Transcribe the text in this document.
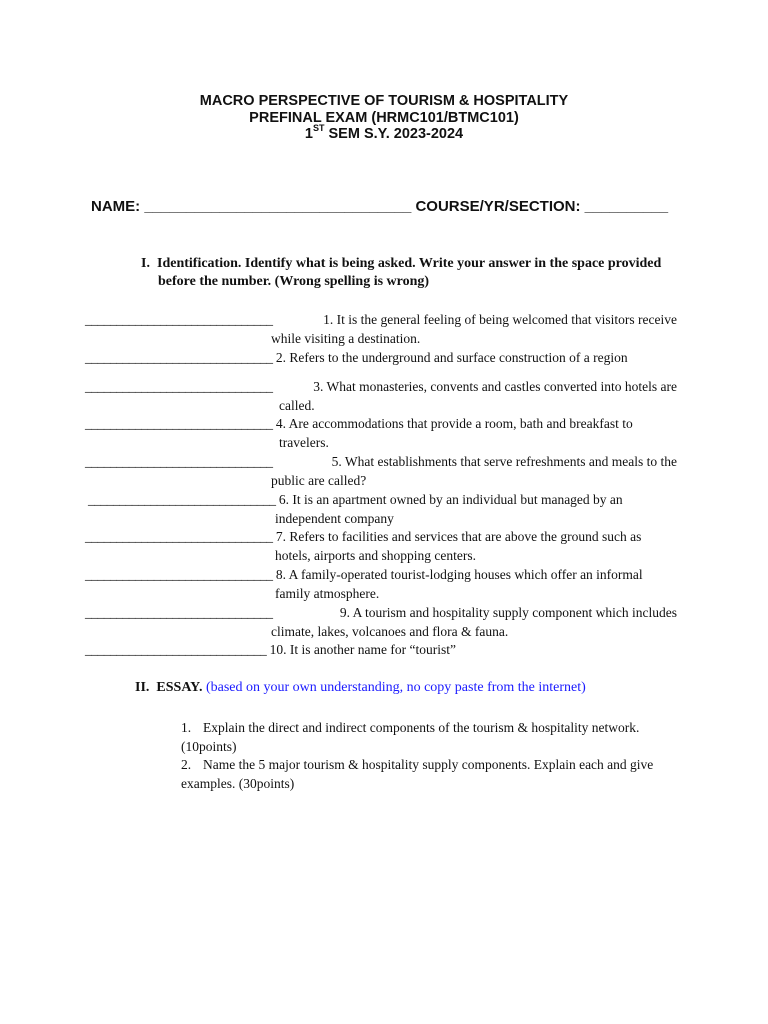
MACRO PERSPECTIVE OF TOURISM & HOSPITALITY
PREFINAL EXAM (HRMC101/BTMC101)
1ST SEM S.Y. 2023-2024
NAME: ________________________________ COURSE/YR/SECTION: __________
I. Identification. Identify what is being asked. Write your answer in the space provided
before the number. (Wrong spelling is wrong)
______________________________	1. It is the general feeling of being welcomed that visitors receive
while visiting a destination.
______________________________ 2. Refers to the underground and surface construction of a region
______________________________	3. What monasteries, convents and castles converted into hotels are
called.
______________________________ 4. Are accommodations that provide a room, bath and breakfast to
travelers.
______________________________	5. What establishments that serve refreshments and meals to the
public are called?
______________________________ 6. It is an apartment owned by an individual but managed by an
independent company
______________________________ 7. Refers to facilities and services that are above the ground such as
hotels, airports and shopping centers.
______________________________ 8. A family-operated tourist-lodging houses which offer an informal
family atmosphere.
______________________________	9. A tourism and hospitality supply component which includes
climate, lakes, volcanoes and flora & fauna.
_____________________________ 10. It is another name for “tourist”
II. ESSAY. (based on your own understanding, no copy paste from the internet)
1. Explain the direct and indirect components of the tourism & hospitality network.
(10points)
2. Name the 5 major tourism & hospitality supply components. Explain each and give
examples. (30points)
